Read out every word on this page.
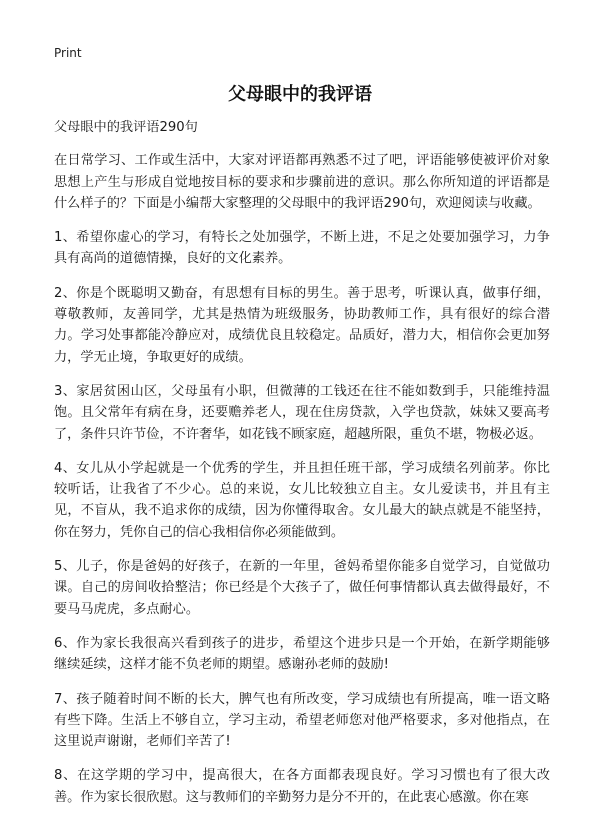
Print
父母眼中的我评语

父母眼中的我评语290句

在日常学习、工作或生活中，大家对评语都再熟悉不过了吧，评语能够使被评价对象思想上产生与形成自觉地按目标的要求和步骤前进的意识。那么你所知道的评语都是什么样子的？下面是小编帮大家整理的父母眼中的我评语290句，欢迎阅读与收藏。

1、希望你虚心的学习，有特长之处加强学，不断上进，不足之处要加强学习，力争具有高尚的道德情操，良好的文化素养。

2、你是个既聪明又勤奋，有思想有目标的男生。善于思考，听课认真，做事仔细，尊敬教师，友善同学，尤其是热情为班级服务，协助教师工作，具有很好的综合潜力。学习处事都能冷静应对，成绩优良且较稳定。品质好，潜力大，相信你会更加努力，学无止境，争取更好的成绩。

3、家居贫困山区，父母虽有小职，但微薄的工钱还在往不能如数到手，只能维持温饱。且父常年有病在身，还要赡养老人，现在住房贷款，入学也贷款，妹妹又要高考了，条件只许节俭，不许奢华，如花钱不顾家庭，超越所限，重负不堪，物极必返。

4、女儿从小学起就是一个优秀的学生，并且担任班干部，学习成绩名列前茅。你比较听话，让我省了不少心。总的来说，女儿比较独立自主。女儿爱读书，并且有主见，不盲从，我不追求你的成绩，因为你懂得取舍。女儿最大的缺点就是不能坚持，你在努力，凭你自己的信心我相信你必须能做到。

5、儿子，你是爸妈的好孩子，在新的一年里，爸妈希望你能多自觉学习，自觉做功课。自己的房间收拾整洁；你已经是个大孩子了，做任何事情都认真去做得最好，不要马马虎虎，多点耐心。

6、作为家长我很高兴看到孩子的进步，希望这个进步只是一个开始，在新学期能够继续延续，这样才能不负老师的期望。感谢孙老师的鼓励!

7、孩子随着时间不断的长大，脾气也有所改变，学习成绩也有所提高，唯一语文略有些下降。生活上不够自立，学习主动，希望老师您对他严格要求，多对他指点，在这里说声谢谢，老师们辛苦了!

8、在这学期的学习中，提高很大，在各方面都表现良好。学习习惯也有了很大改善。作为家长很欣慰。这与教师们的辛勤努力是分不开的，在此衷心感激。你在寒
